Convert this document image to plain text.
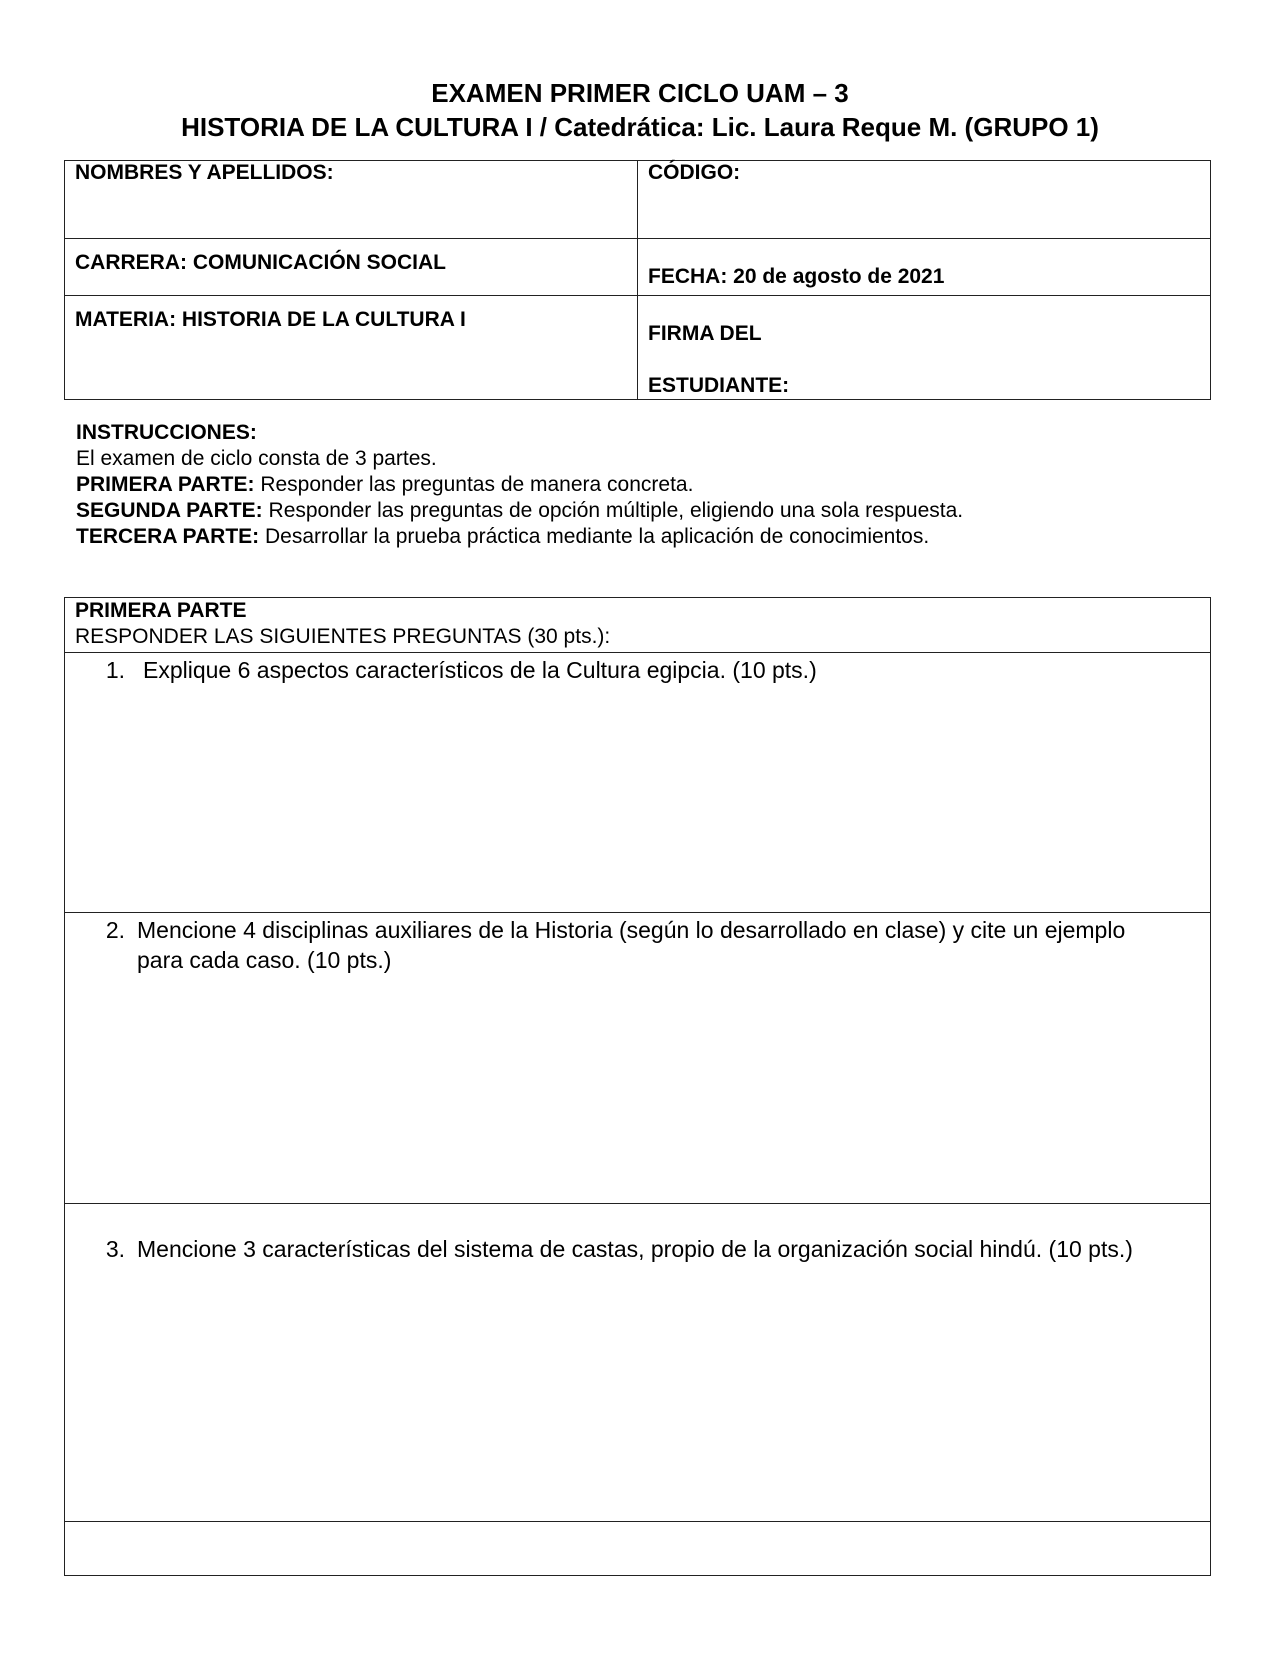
EXAMEN PRIMER CICLO UAM – 3
HISTORIA DE LA CULTURA I / Catedrática: Lic. Laura Reque M. (GRUPO 1)
NOMBRES Y APELLIDOS:	CÓDIGO:
CARRERA: COMUNICACIÓN SOCIAL	FECHA: 20 de agosto de 2021
MATERIA: HISTORIA DE LA CULTURA I	FIRMA DEL
ESTUDIANTE:
INSTRUCCIONES:
El examen de ciclo consta de 3 partes.
PRIMERA PARTE: Responder las preguntas de manera concreta.
SEGUNDA PARTE: Responder las preguntas de opción múltiple, eligiendo una sola respuesta.
TERCERA PARTE: Desarrollar la prueba práctica mediante la aplicación de conocimientos.
PRIMERA PARTE
RESPONDER LAS SIGUIENTES PREGUNTAS (30 pts.):

1. Explique 6 aspectos característicos de la Cultura egipcia. (10 pts.)

2. Mencione 4 disciplinas auxiliares de la Historia (según lo desarrollado en clase) y cite un ejemplo para cada caso. (10 pts.)

3. Mencione 3 características del sistema de castas, propio de la organización social hindú. (10 pts.)
